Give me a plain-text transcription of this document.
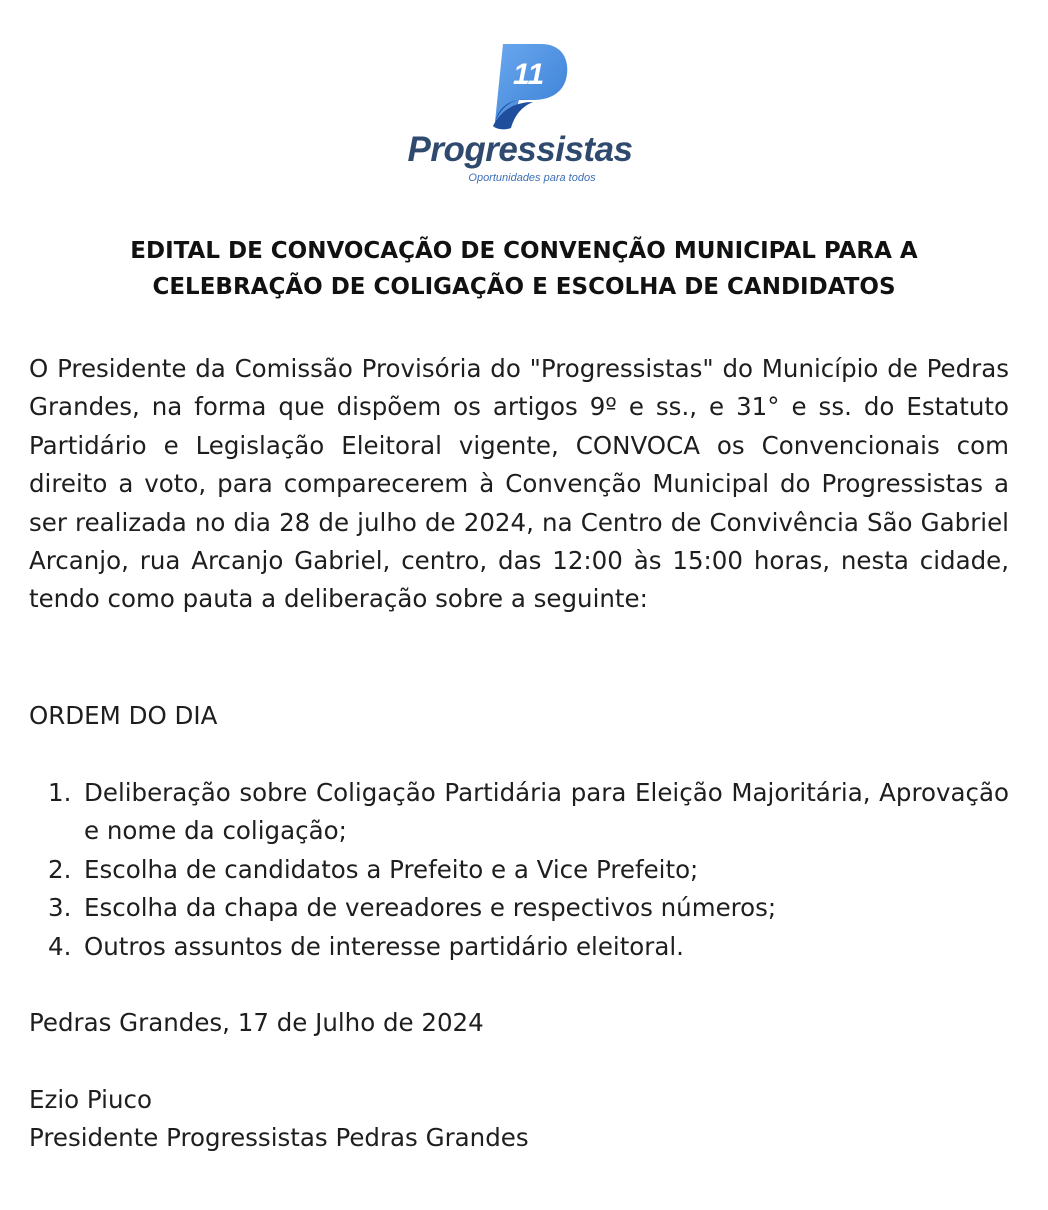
11
Progressistas
Oportunidades para todos
EDITAL DE CONVOCAÇÃO DE CONVENÇÃO MUNICIPAL PARA A
CELEBRAÇÃO DE COLIGAÇÃO E ESCOLHA DE CANDIDATOS
O Presidente da Comissão Provisória do "Progressistas" do Município de Pedras Grandes, na forma que dispõem os artigos 9º e ss., e 31° e ss. do Estatuto Partidário e Legislação Eleitoral vigente, CONVOCA os Convencionais com direito a voto, para comparecerem à Convenção Municipal do Progressistas a ser realizada no dia 28 de julho de 2024, na Centro de Convivência São Gabriel Arcanjo, rua Arcanjo Gabriel, centro, das 12:00 às 15:00 horas, nesta cidade, tendo como pauta a deliberação sobre a seguinte:
ORDEM DO DIA
1. Deliberação sobre Coligação Partidária para Eleição Majoritária, Aprovação e nome da coligação;
2. Escolha de candidatos a Prefeito e a Vice Prefeito;
3. Escolha da chapa de vereadores e respectivos números;
4. Outros assuntos de interesse partidário eleitoral.
Pedras Grandes, 17 de Julho de 2024
Ezio Piuco
Presidente Progressistas Pedras Grandes
